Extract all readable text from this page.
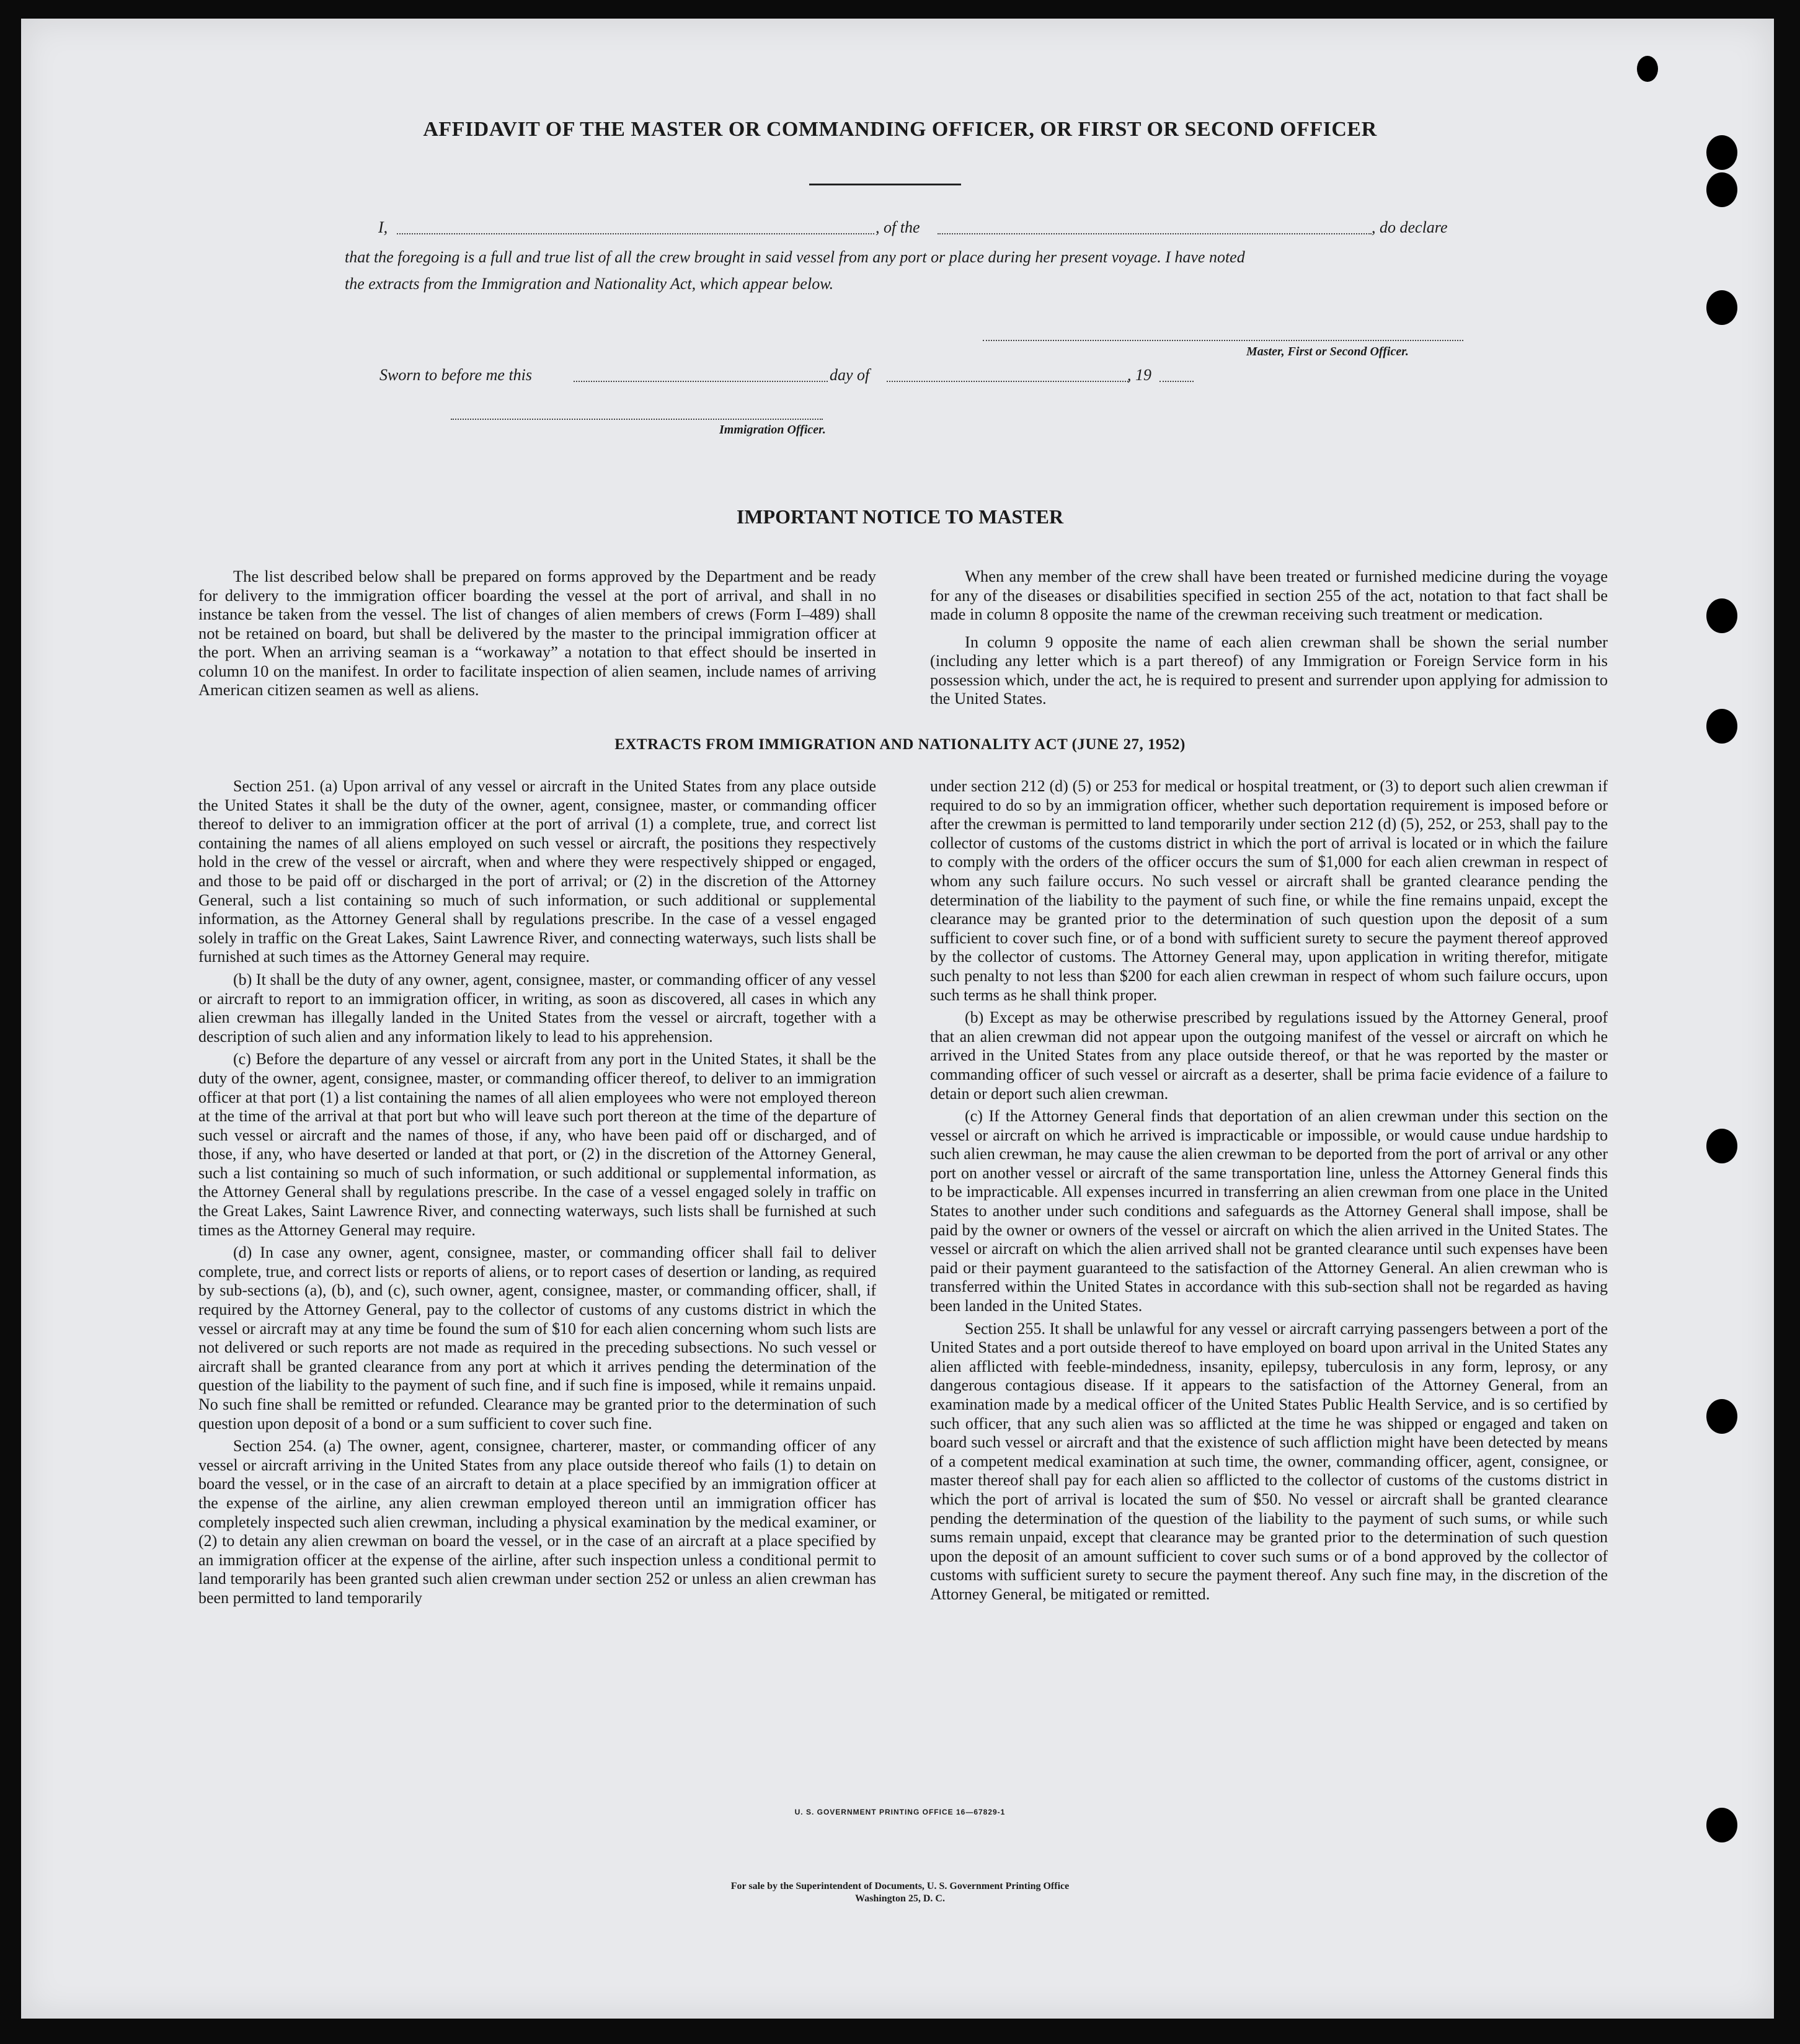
AFFIDAVIT OF THE MASTER OR COMMANDING OFFICER, OR FIRST OR SECOND OFFICER
I,	, of the	, do declare
that the foregoing is a full and true list of all the crew brought in said vessel from any port or place during her present voyage. I have noted
the extracts from the Immigration and Nationality Act, which appear below.
Master, First or Second Officer.
Sworn to before me this	day of	, 19
Immigration Officer.
IMPORTANT NOTICE TO MASTER

The list described below shall be prepared on forms approved by the Department and be ready for delivery to the immigration officer boarding the vessel at the port of arrival, and shall in no instance be taken from the vessel. The list of changes of alien members of crews (Form I–489) shall not be retained on board, but shall be delivered by the master to the principal immigration officer at the port. When an arriving seaman is a “workaway” a notation to that effect should be inserted in column 10 on the manifest. In order to facilitate inspection of alien seamen, include names of arriving American citizen seamen as well as aliens.

When any member of the crew shall have been treated or furnished medicine during the voyage for any of the diseases or disabilities specified in section 255 of the act, notation to that fact shall be made in column 8 opposite the name of the crewman receiving such treatment or medication.

In column 9 opposite the name of each alien crewman shall be shown the serial number (including any letter which is a part thereof) of any Immigration or Foreign Service form in his possession which, under the act, he is required to present and surrender upon applying for admission to the United States.

EXTRACTS FROM IMMIGRATION AND NATIONALITY ACT (JUNE 27, 1952)

Section 251. (a) Upon arrival of any vessel or aircraft in the United States from any place outside the United States it shall be the duty of the owner, agent, consignee, master, or commanding officer thereof to deliver to an immigration officer at the port of arrival (1) a complete, true, and correct list containing the names of all aliens employed on such vessel or aircraft, the positions they respectively hold in the crew of the vessel or aircraft, when and where they were respectively shipped or engaged, and those to be paid off or discharged in the port of arrival; or (2) in the discretion of the Attorney General, such a list containing so much of such information, or such additional or supplemental information, as the Attorney General shall by regulations prescribe. In the case of a vessel engaged solely in traffic on the Great Lakes, Saint Lawrence River, and connecting waterways, such lists shall be furnished at such times as the Attorney General may require.

(b) It shall be the duty of any owner, agent, consignee, master, or commanding officer of any vessel or aircraft to report to an immigration officer, in writing, as soon as discovered, all cases in which any alien crewman has illegally landed in the United States from the vessel or aircraft, together with a description of such alien and any information likely to lead to his apprehension.

(c) Before the departure of any vessel or aircraft from any port in the United States, it shall be the duty of the owner, agent, consignee, master, or commanding officer thereof, to deliver to an immigration officer at that port (1) a list containing the names of all alien employees who were not employed thereon at the time of the arrival at that port but who will leave such port thereon at the time of the departure of such vessel or aircraft and the names of those, if any, who have been paid off or discharged, and of those, if any, who have deserted or landed at that port, or (2) in the discretion of the Attorney General, such a list containing so much of such information, or such additional or supplemental information, as the Attorney General shall by regulations prescribe. In the case of a vessel engaged solely in traffic on the Great Lakes, Saint Lawrence River, and connecting waterways, such lists shall be furnished at such times as the Attorney General may require.

(d) In case any owner, agent, consignee, master, or commanding officer shall fail to deliver complete, true, and correct lists or reports of aliens, or to report cases of desertion or landing, as required by sub-sections (a), (b), and (c), such owner, agent, consignee, master, or commanding officer, shall, if required by the Attorney General, pay to the collector of customs of any customs district in which the vessel or aircraft may at any time be found the sum of $10 for each alien concerning whom such lists are not delivered or such reports are not made as required in the preceding subsections. No such vessel or aircraft shall be granted clearance from any port at which it arrives pending the determination of the question of the liability to the payment of such fine, and if such fine is imposed, while it remains unpaid. No such fine shall be remitted or refunded. Clearance may be granted prior to the determination of such question upon deposit of a bond or a sum sufficient to cover such fine.

Section 254. (a) The owner, agent, consignee, charterer, master, or commanding officer of any vessel or aircraft arriving in the United States from any place outside thereof who fails (1) to detain on board the vessel, or in the case of an aircraft to detain at a place specified by an immigration officer at the expense of the airline, any alien crewman employed thereon until an immigration officer has completely inspected such alien crewman, including a physical examination by the medical examiner, or (2) to detain any alien crewman on board the vessel, or in the case of an aircraft at a place specified by an immigration officer at the expense of the airline, after such inspection unless a conditional permit to land temporarily has been granted such alien crewman under section 252 or unless an alien crewman has been permitted to land temporarily

under section 212 (d) (5) or 253 for medical or hospital treatment, or (3) to deport such alien crewman if required to do so by an immigration officer, whether such deportation requirement is imposed before or after the crewman is permitted to land temporarily under section 212 (d) (5), 252, or 253, shall pay to the collector of customs of the customs district in which the port of arrival is located or in which the failure to comply with the orders of the officer occurs the sum of $1,000 for each alien crewman in respect of whom any such failure occurs. No such vessel or aircraft shall be granted clearance pending the determination of the liability to the payment of such fine, or while the fine remains unpaid, except the clearance may be granted prior to the determination of such question upon the deposit of a sum sufficient to cover such fine, or of a bond with sufficient surety to secure the payment thereof approved by the collector of customs. The Attorney General may, upon application in writing therefor, mitigate such penalty to not less than $200 for each alien crewman in respect of whom such failure occurs, upon such terms as he shall think proper.

(b) Except as may be otherwise prescribed by regulations issued by the Attorney General, proof that an alien crewman did not appear upon the outgoing manifest of the vessel or aircraft on which he arrived in the United States from any place outside thereof, or that he was reported by the master or commanding officer of such vessel or aircraft as a deserter, shall be prima facie evidence of a failure to detain or deport such alien crewman.

(c) If the Attorney General finds that deportation of an alien crewman under this section on the vessel or aircraft on which he arrived is impracticable or impossible, or would cause undue hardship to such alien crewman, he may cause the alien crewman to be deported from the port of arrival or any other port on another vessel or aircraft of the same transportation line, unless the Attorney General finds this to be impracticable. All expenses incurred in transferring an alien crewman from one place in the United States to another under such conditions and safeguards as the Attorney General shall impose, shall be paid by the owner or owners of the vessel or aircraft on which the alien arrived in the United States. The vessel or aircraft on which the alien arrived shall not be granted clearance until such expenses have been paid or their payment guaranteed to the satisfaction of the Attorney General. An alien crewman who is transferred within the United States in accordance with this sub-section shall not be regarded as having been landed in the United States.

Section 255. It shall be unlawful for any vessel or aircraft carrying passengers between a port of the United States and a port outside thereof to have employed on board upon arrival in the United States any alien afflicted with feeble-mindedness, insanity, epilepsy, tuberculosis in any form, leprosy, or any dangerous contagious disease. If it appears to the satisfaction of the Attorney General, from an examination made by a medical officer of the United States Public Health Service, and is so certified by such officer, that any such alien was so afflicted at the time he was shipped or engaged and taken on board such vessel or aircraft and that the existence of such affliction might have been detected by means of a competent medical examination at such time, the owner, commanding officer, agent, consignee, or master thereof shall pay for each alien so afflicted to the collector of customs of the customs district in which the port of arrival is located the sum of $50. No vessel or aircraft shall be granted clearance pending the determination of the question of the liability to the payment of such sums, or while such sums remain unpaid, except that clearance may be granted prior to the determination of such question upon the deposit of an amount sufficient to cover such sums or of a bond approved by the collector of customs with sufficient surety to secure the payment thereof. Any such fine may, in the discretion of the Attorney General, be mitigated or remitted.

U. S. GOVERNMENT PRINTING OFFICE 16—67829-1
For sale by the Superintendent of Documents, U. S. Government Printing Office
Washington 25, D. C.
